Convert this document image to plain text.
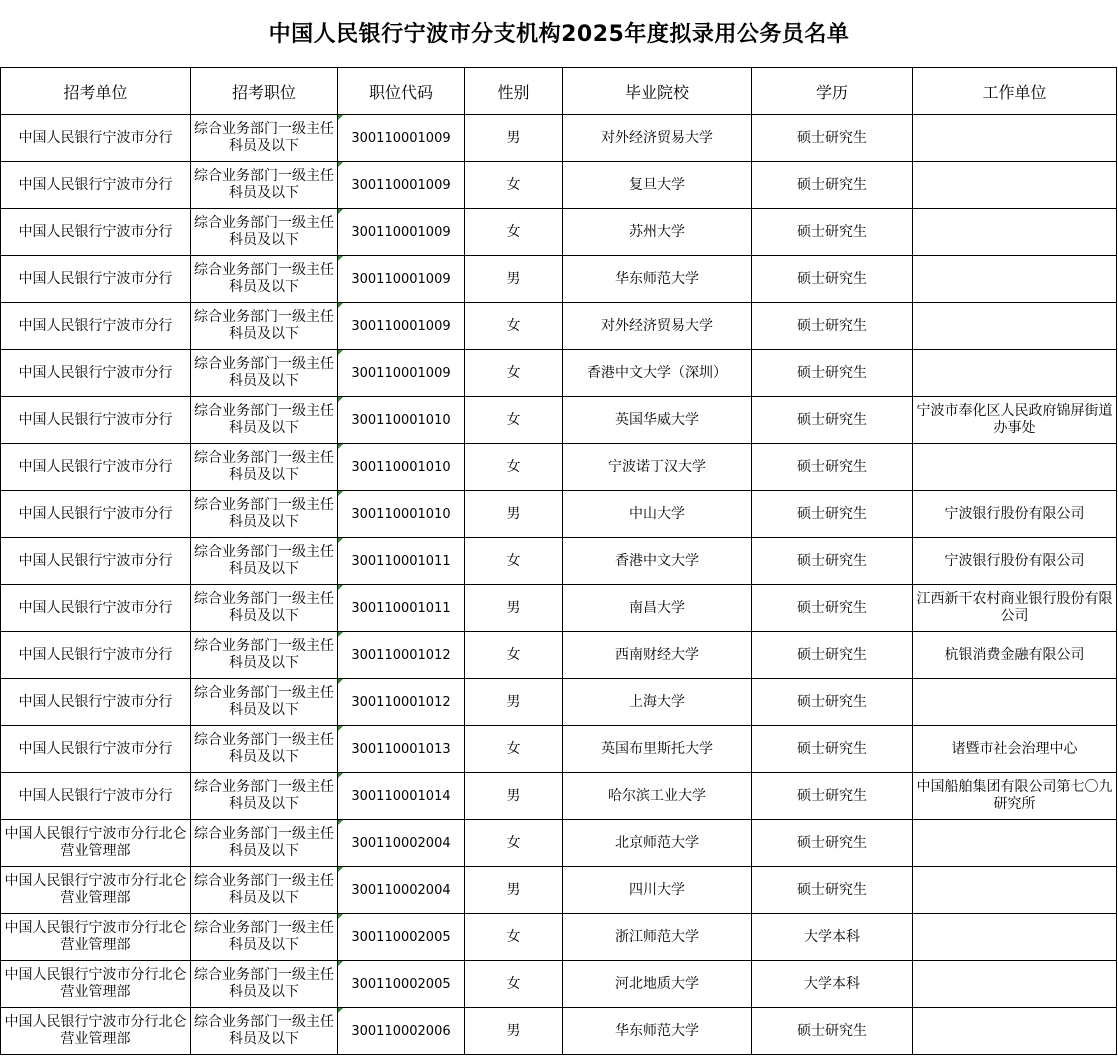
中国人民银行宁波市分支机构2025年度拟录用公务员名单
招考单位	招考职位	职位代码	性别	毕业院校	学历	工作单位
中国人民银行宁波市分行	综合业务部门一级主任科员及以下	300110001009	男	对外经济贸易大学	硕士研究生	
中国人民银行宁波市分行	综合业务部门一级主任科员及以下	300110001009	女	复旦大学	硕士研究生	
中国人民银行宁波市分行	综合业务部门一级主任科员及以下	300110001009	女	苏州大学	硕士研究生	
中国人民银行宁波市分行	综合业务部门一级主任科员及以下	300110001009	男	华东师范大学	硕士研究生	
中国人民银行宁波市分行	综合业务部门一级主任科员及以下	300110001009	女	对外经济贸易大学	硕士研究生	
中国人民银行宁波市分行	综合业务部门一级主任科员及以下	300110001009	女	香港中文大学（深圳）	硕士研究生	
中国人民银行宁波市分行	综合业务部门一级主任科员及以下	300110001010	女	英国华威大学	硕士研究生	宁波市奉化区人民政府锦屏街道办事处
中国人民银行宁波市分行	综合业务部门一级主任科员及以下	300110001010	女	宁波诺丁汉大学	硕士研究生	
中国人民银行宁波市分行	综合业务部门一级主任科员及以下	300110001010	男	中山大学	硕士研究生	宁波银行股份有限公司
中国人民银行宁波市分行	综合业务部门一级主任科员及以下	300110001011	女	香港中文大学	硕士研究生	宁波银行股份有限公司
中国人民银行宁波市分行	综合业务部门一级主任科员及以下	300110001011	男	南昌大学	硕士研究生	江西新干农村商业银行股份有限公司
中国人民银行宁波市分行	综合业务部门一级主任科员及以下	300110001012	女	西南财经大学	硕士研究生	杭银消费金融有限公司
中国人民银行宁波市分行	综合业务部门一级主任科员及以下	300110001012	男	上海大学	硕士研究生	
中国人民银行宁波市分行	综合业务部门一级主任科员及以下	300110001013	女	英国布里斯托大学	硕士研究生	诸暨市社会治理中心
中国人民银行宁波市分行	综合业务部门一级主任科员及以下	300110001014	男	哈尔滨工业大学	硕士研究生	中国船舶集团有限公司第七〇九研究所
中国人民银行宁波市分行北仑营业管理部	综合业务部门一级主任科员及以下	300110002004	女	北京师范大学	硕士研究生	
中国人民银行宁波市分行北仑营业管理部	综合业务部门一级主任科员及以下	300110002004	男	四川大学	硕士研究生	
中国人民银行宁波市分行北仑营业管理部	综合业务部门一级主任科员及以下	300110002005	女	浙江师范大学	大学本科	
中国人民银行宁波市分行北仑营业管理部	综合业务部门一级主任科员及以下	300110002005	女	河北地质大学	大学本科	
中国人民银行宁波市分行北仑营业管理部	综合业务部门一级主任科员及以下	300110002006	男	华东师范大学	硕士研究生	
